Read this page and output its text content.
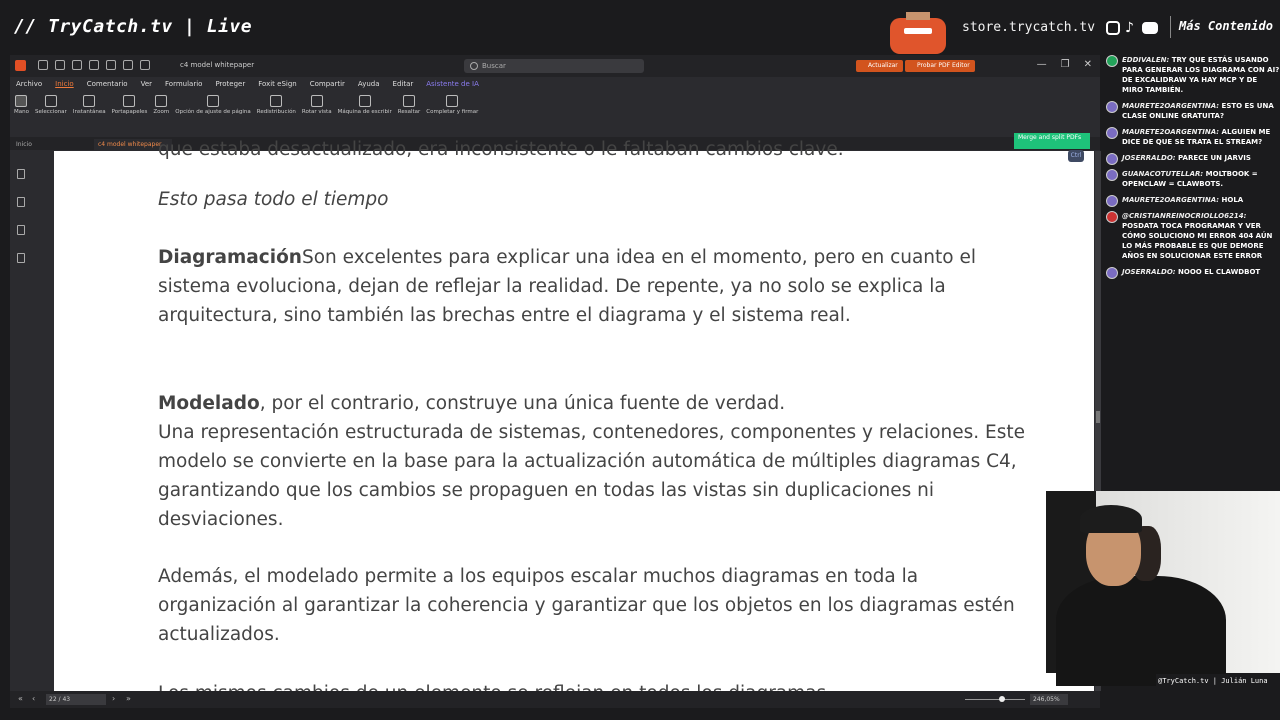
// TryCatch.tv | Live	store.trycatch.tv ♪	Más Contenido
c4 model whitepaper	Buscar	Actualizar	Probar PDF Editor	— ❐ ✕
Archivo Inicio Comentario Ver Formulario Proteger Foxit eSign Compartir Ayuda Editar Asistente de IA
Mano Seleccionar Instantánea Portapapeles Zoom Opción de ajuste de página Redistribución Rotar vista Máquina de escribir Resaltar Completar y firmar
Inicio	c4 model whitepaper
Merge and split PDFs

que estaba desactualizado, era inconsistente o le faltaban cambios clave.

Esto pasa todo el tiempo

DiagramaciónSon excelentes para explicar una idea en el momento, pero en cuanto el sistema evoluciona, dejan de reflejar la realidad. De repente, ya no solo se explica la arquitectura, sino también las brechas entre el diagrama y el sistema real.

Modelado, por el contrario, construye una única fuente de verdad.
Una representación estructurada de sistemas, contenedores, componentes y relaciones. Este modelo se convierte en la base para la actualización automática de múltiples diagramas C4, garantizando que los cambios se propaguen en todas las vistas sin duplicaciones ni desviaciones.

Además, el modelado permite a los equipos escalar muchos diagramas en toda la organización al garantizar la coherencia y garantizar que los objetos en los diagramas estén actualizados.

Ctrl
« ‹	22 / 43	› »	246,05%
EDDIVALEN: TRY QUE ESTÁS USANDO PARA GENERAR LOS DIAGRAMA CON AI? DE EXCALIDRAW YA HAY MCP Y DE MIRO TAMBIÉN.
MAURETE2OARGENTINA: ESTO ES UNA CLASE ONLINE GRATUITA?
MAURETE2OARGENTINA: ALGUIEN ME DICE DE QUE SE TRATA EL STREAM?
JOSERRALDO: PARECE UN JARVIS
GUANACOTUTELLAR: MOLTBOOK = OPENCLAW = CLAWBOTS.
MAURETE2OARGENTINA: HOLA
@CRISTIANREINOCRIOLLO6214: POSDATA TOCA PROGRAMAR Y VER CÓMO SOLUCIONO MI ERROR 404 AÚN LO MÁS PROBABLE ES QUE DEMORE AÑOS EN SOLUCIONAR ESTE ERROR
JOSERRALDO: NOOO EL CLAWDBOT
@TryCatch.tv | Julián Luna
